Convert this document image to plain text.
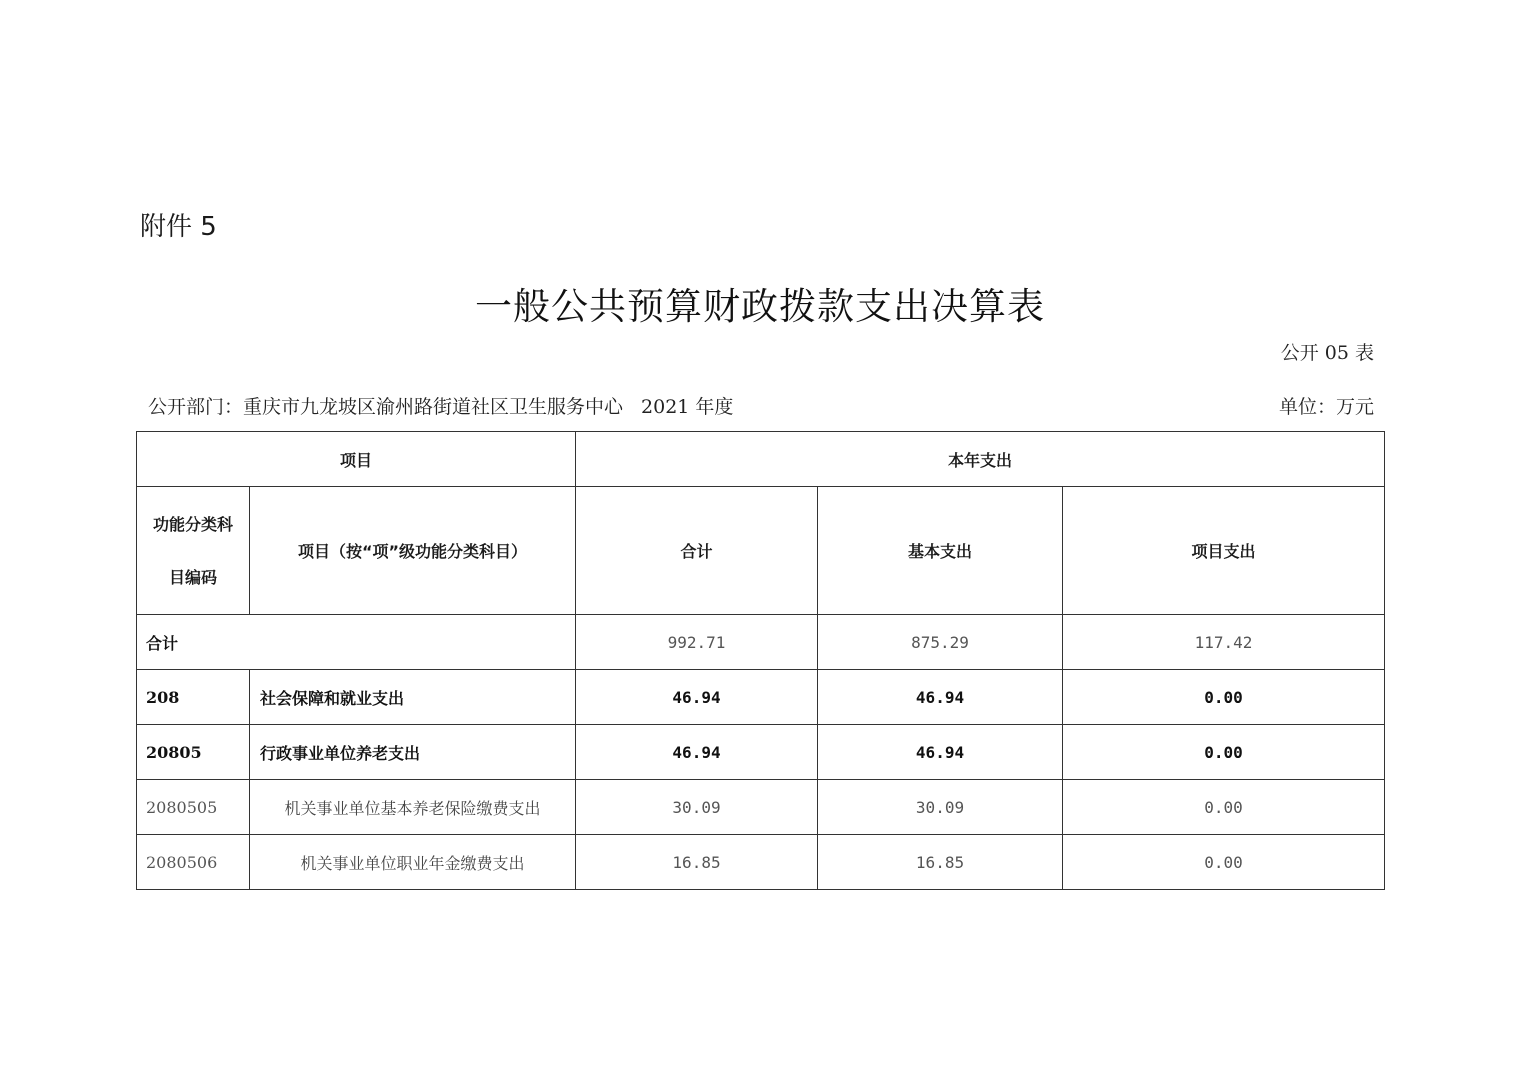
附件 5
一般公共预算财政拨款支出决算表
公开 05 表
公开部门：重庆市九龙坡区渝州路街道社区卫生服务中心 2021 年度	单位：万元
项目		本年支出		

功能分类科
目编码	项目（按“项”级功能分类科目）	合计	基本支出	项目支出
合计		992.71	875.29	117.42
208	社会保障和就业支出	46.94	46.94	0.00
20805	行政事业单位养老支出	46.94	46.94	0.00
2080505	机关事业单位基本养老保险缴费支出	30.09	30.09	0.00
2080506	机关事业单位职业年金缴费支出	16.85	16.85	0.00
